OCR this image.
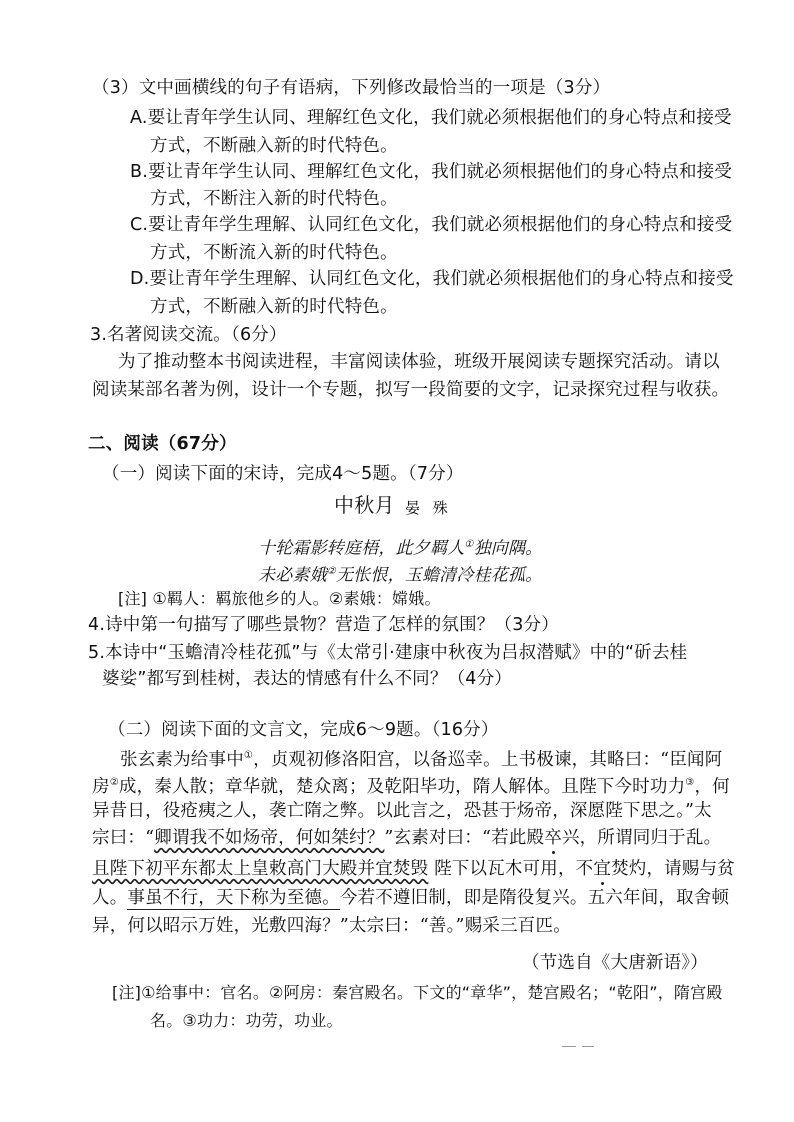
（3）文中画横线的句子有语病，下列修改最恰当的一项是（3分）
A.要让青年学生认同、理解红色文化，我们就必须根据他们的身心特点和接受
方式，不断融入新的时代特色。
B.要让青年学生认同、理解红色文化，我们就必须根据他们的身心特点和接受
方式，不断注入新的时代特色。
C.要让青年学生理解、认同红色文化，我们就必须根据他们的身心特点和接受
方式，不断流入新的时代特色。
D.要让青年学生理解、认同红色文化，我们就必须根据他们的身心特点和接受
方式，不断融入新的时代特色。
3.名著阅读交流。（6分）
为了推动整本书阅读进程，丰富阅读体验，班级开展阅读专题探究活动。请以
阅读某部名著为例，设计一个专题，拟写一段简要的文字，记录探究过程与收获。
二、阅读（67分）
（一）阅读下面的宋诗，完成4～5题。（7分）
中秋月 晏 殊
十轮霜影转庭梧，此夕羁人①独向隅。
未必素娥②无怅恨，玉蟾清冷桂花孤。
[注] ①羁人：羁旅他乡的人。②素娥：嫦娥。
4.诗中第一句描写了哪些景物？营造了怎样的氛围？（3分）
5.本诗中“玉蟾清冷桂花孤”与《太常引·建康中秋夜为吕叔潜赋》中的“斫去桂
婆娑”都写到桂树，表达的情感有什么不同？（4分）
（二）阅读下面的文言文，完成6～9题。（16分）
张玄素为给事中①，贞观初修洛阳宫，以备巡幸。上书极谏，其略曰：“臣闻阿
房②成，秦人散；章华就，楚众离；及乾阳毕功，隋人解体。且陛下今时功力③，何
异昔日，役疮痍之人，袭亡隋之弊。以此言之，恐甚于炀帝，深愿陛下思之。”太
宗曰：“卿谓我不如炀帝，何如桀纣？”玄素对曰：“若此殿卒兴，所谓同归于乱。
且陛下初平东都太上皇敕高门大殿并宜焚毁 陛下以瓦木可用，不宜焚灼，请赐与贫
人。事虽不行，天下称为至德。今若不遵旧制，即是隋役复兴。五六年间，取舍顿
异，何以昭示万姓，光敷四海？”太宗曰：“善。”赐采三百匹。
（节选自《大唐新语》）
[注]①给事中：官名。②阿房：秦宫殿名。下文的“章华”，楚宫殿名；“乾阳”，隋宫殿
名。③功力：功劳，功业。
